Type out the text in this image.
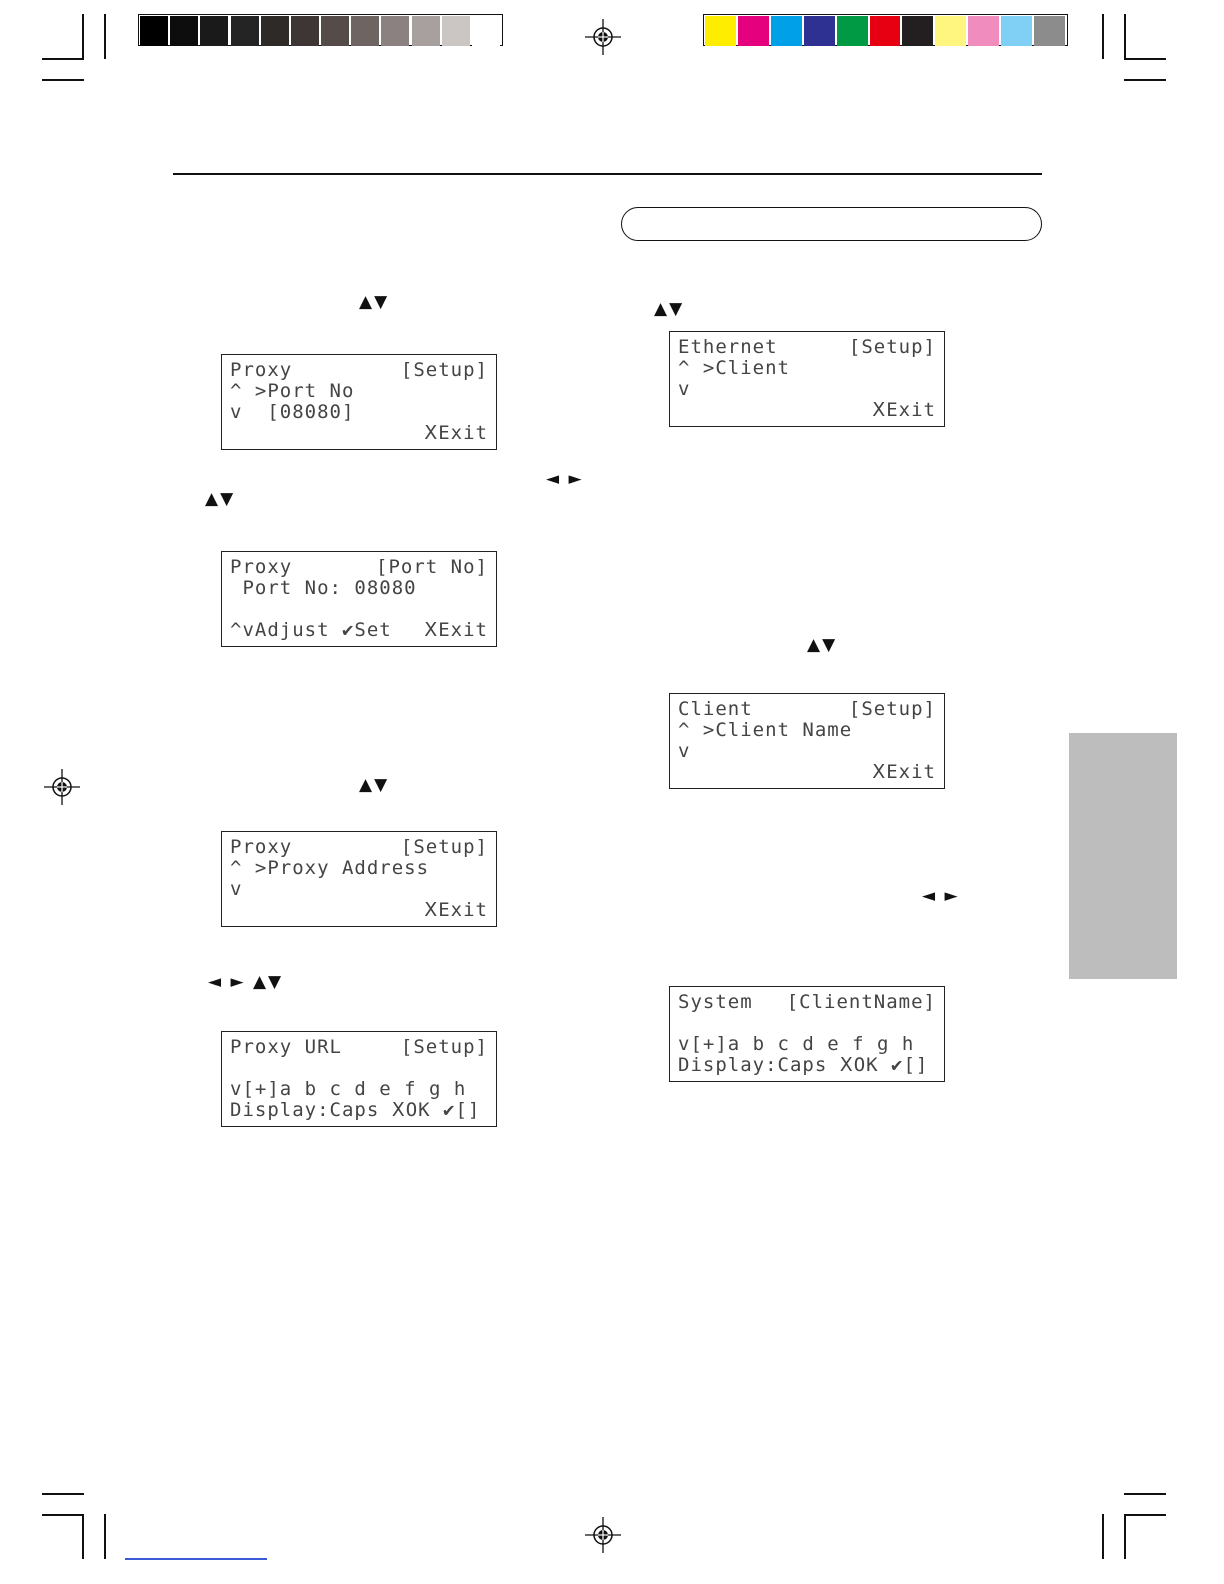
▲▼
Proxy	[Setup]
^ >Port No
v  [08080]
ⅩExit
◄ ►
▲▼
Proxy	[Port No]
Port No: 08080
^vAdjust ✔Set ⅩExit
▲▼
Proxy	[Setup]
^ >Proxy Address
v
ⅩExit
◄ ► ▲▼
Proxy URL	[Setup]
v[+]a b c d e f g h
Display:Caps ⅩOK ✔[]
▲▼
Ethernet	[Setup]
^ >Client
v
ⅩExit
▲▼
Client	[Setup]
^ >Client Name
v
ⅩExit
◄ ►
System [ClientName]
v[+]a b c d e f g h
Display:Caps ⅩOK ✔[]
